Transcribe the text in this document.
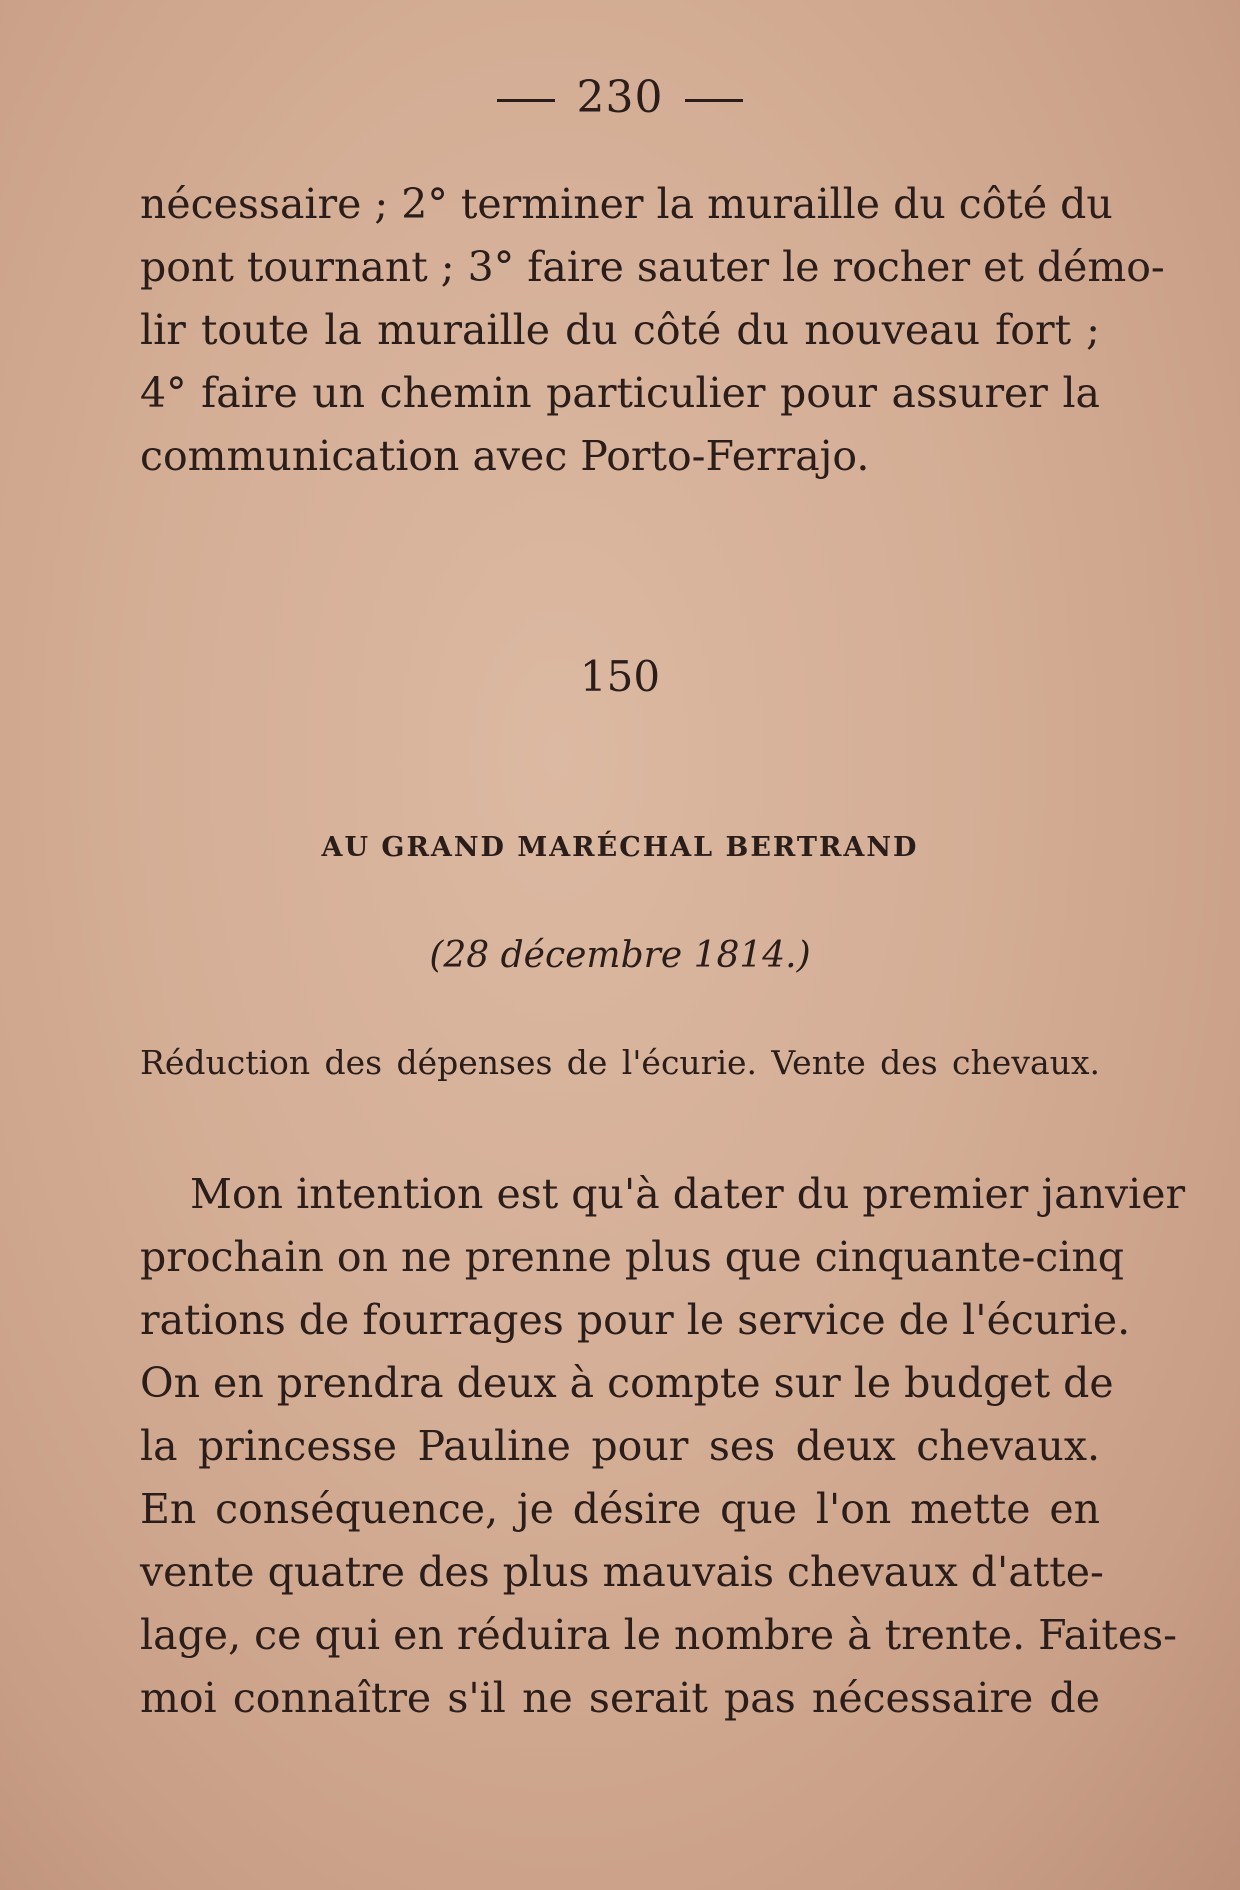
230
nécessaire ; 2° terminer la muraille du côté du
pont tournant ; 3° faire sauter le rocher et démo-
lir toute la muraille du côté du nouveau fort ;
4° faire un chemin particulier pour assurer la
communication avec Porto-Ferrajo.
150
AU GRAND MARÉCHAL BERTRAND
(28 décembre 1814.)
Réduction des dépenses de l'écurie. Vente des chevaux.
Mon intention est qu'à dater du premier janvier
prochain on ne prenne plus que cinquante-cinq
rations de fourrages pour le service de l'écurie.
On en prendra deux à compte sur le budget de
la princesse Pauline pour ses deux chevaux.
En conséquence, je désire que l'on mette en
vente quatre des plus mauvais chevaux d'atte-
lage, ce qui en réduira le nombre à trente. Faites-
moi connaître s'il ne serait pas nécessaire de
